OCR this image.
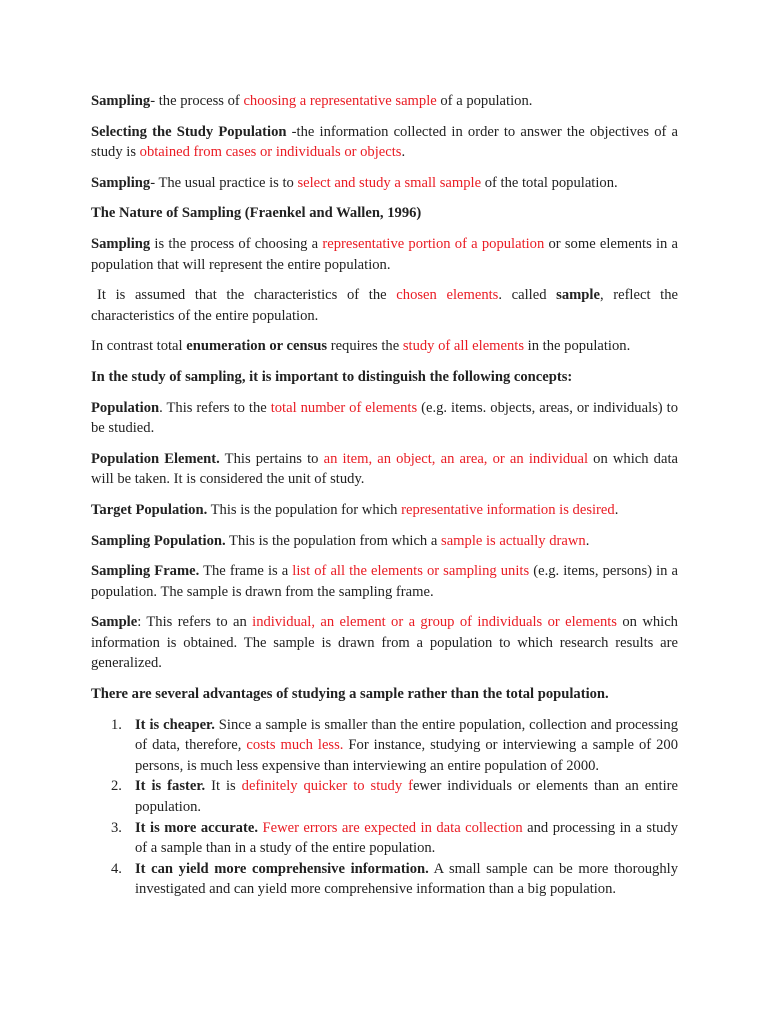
Sampling- the process of choosing a representative sample of a population.

Selecting the Study Population -the information collected in order to answer the objectives of a study is obtained from cases or individuals or objects.

Sampling- The usual practice is to select and study a small sample of the total population.

The Nature of Sampling (Fraenkel and Wallen, 1996)

Sampling is the process of choosing a representative portion of a population or some elements in a population that will represent the entire population.

It is assumed that the characteristics of the chosen elements. called sample, reflect the characteristics of the entire population.

In contrast total enumeration or census requires the study of all elements in the population.

In the study of sampling, it is important to distinguish the following concepts:

Population. This refers to the total number of elements (e.g. items. objects, areas, or individuals) to be studied.

Population Element. This pertains to an item, an object, an area, or an individual on which data will be taken. It is considered the unit of study.

Target Population. This is the population for which representative information is desired.

Sampling Population. This is the population from which a sample is actually drawn.

Sampling Frame. The frame is a list of all the elements or sampling units (e.g. items, persons) in a population. The sample is drawn from the sampling frame.

Sample: This refers to an individual, an element or a group of individuals or elements on which information is obtained. The sample is drawn from a population to which research results are generalized.

There are several advantages of studying a sample rather than the total population.

1. It is cheaper. Since a sample is smaller than the entire population, collection and processing of data, therefore, costs much less. For instance, studying or interviewing a sample of 200 persons, is much less expensive than interviewing an entire population of 2000.
2. It is faster. It is definitely quicker to study fewer individuals or elements than an entire population.
3. It is more accurate. Fewer errors are expected in data collection and processing in a study of a sample than in a study of the entire population.
4. It can yield more comprehensive information. A small sample can be more thoroughly investigated and can yield more comprehensive information than a big population.
